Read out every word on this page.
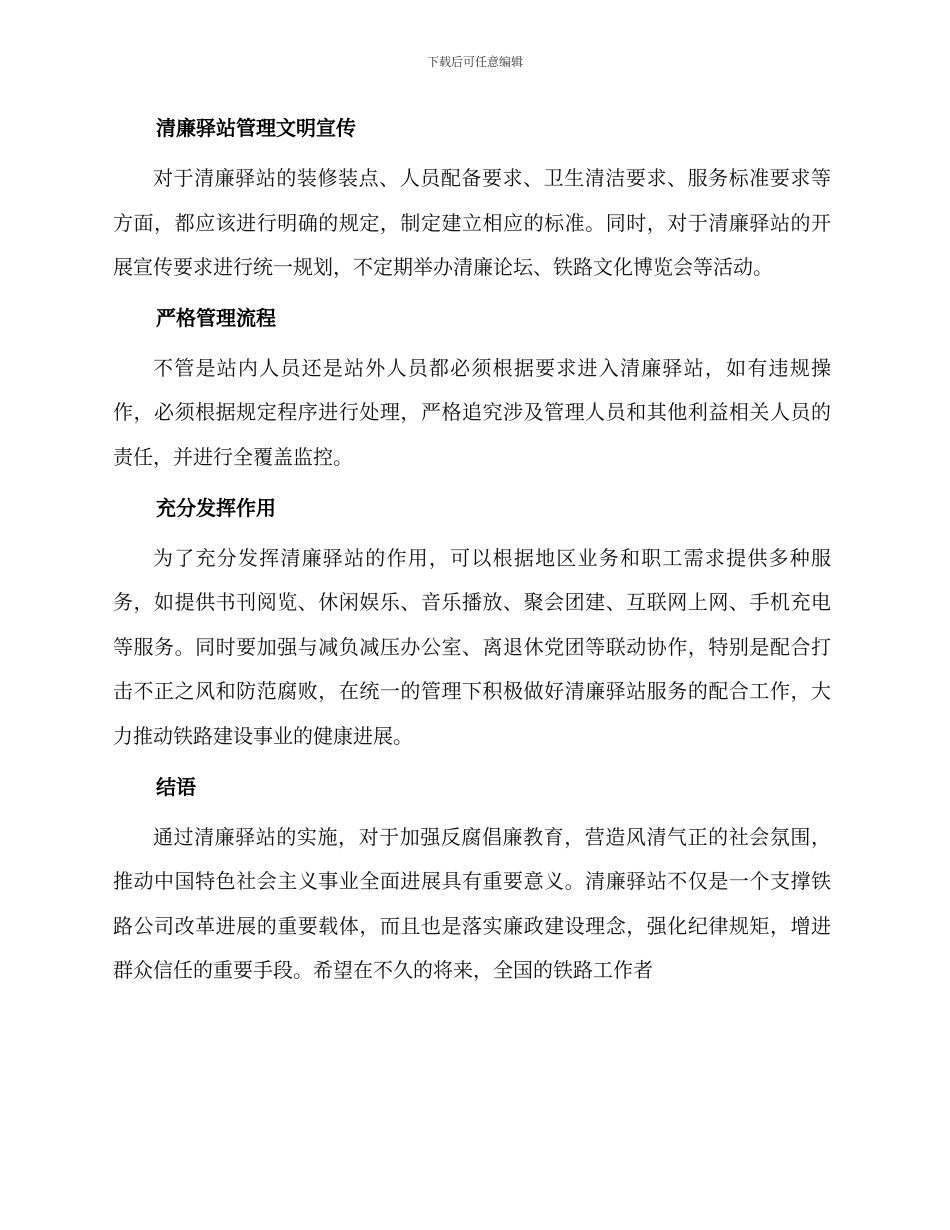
下载后可任意编辑
清廉驿站管理文明宣传

对于清廉驿站的装修装点、人员配备要求、卫生清洁要求、服务标准要求等方面，都应该进行明确的规定，制定建立相应的标准。同时，对于清廉驿站的开展宣传要求进行统一规划，不定期举办清廉论坛、铁路文化博览会等活动。

严格管理流程

不管是站内人员还是站外人员都必须根据要求进入清廉驿站，如有违规操作，必须根据规定程序进行处理，严格追究涉及管理人员和其他利益相关人员的责任，并进行全覆盖监控。

充分发挥作用

为了充分发挥清廉驿站的作用，可以根据地区业务和职工需求提供多种服务，如提供书刊阅览、休闲娱乐、音乐播放、聚会团建、互联网上网、手机充电等服务。同时要加强与减负减压办公室、离退休党团等联动协作，特别是配合打击不正之风和防范腐败，在统一的管理下积极做好清廉驿站服务的配合工作，大力推动铁路建设事业的健康进展。

结语

通过清廉驿站的实施，对于加强反腐倡廉教育，营造风清气正的社会氛围，推动中国特色社会主义事业全面进展具有重要意义。清廉驿站不仅是一个支撑铁路公司改革进展的重要载体，而且也是落实廉政建设理念，强化纪律规矩，增进群众信任的重要手段。希望在不久的将来，全国的铁路工作者
